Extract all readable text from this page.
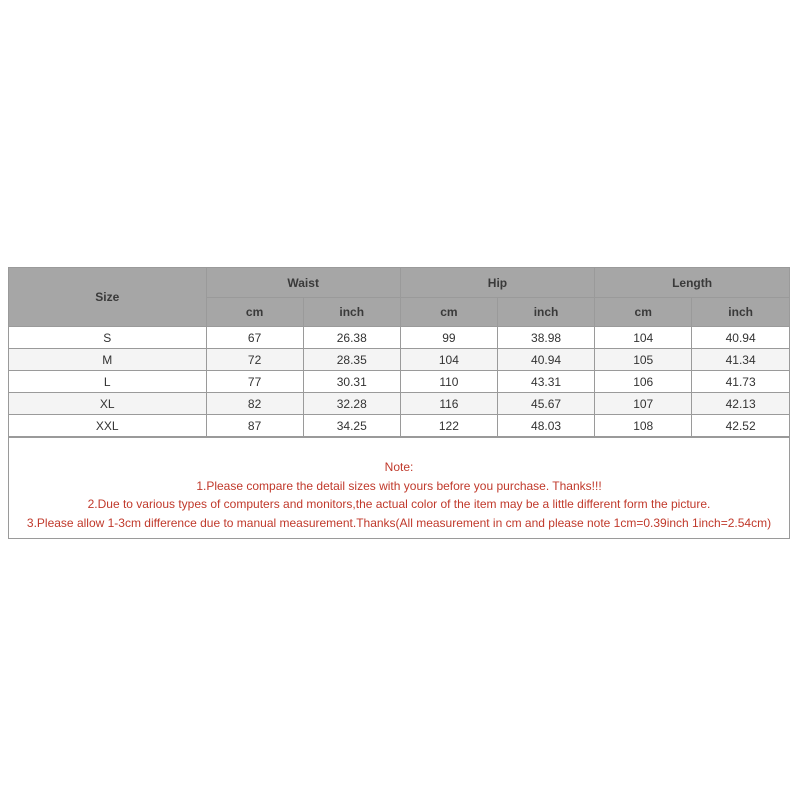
Size	Waist		Hip		Length	
	cm	inch	cm	inch	cm	inch
S	67	26.38	99	38.98	104	40.94
M	72	28.35	104	40.94	105	41.34
L	77	30.31	110	43.31	106	41.73
XL	82	32.28	116	45.67	107	42.13
XXL	87	34.25	122	48.03	108	42.52
Note:
1.Please compare the detail sizes with yours before you purchase. Thanks!!!
2.Due to various types of computers and monitors,the actual color of the item may be a little different form the picture.
3.Please allow 1-3cm difference due to manual measurement.Thanks(All measurement in cm and please note 1cm=0.39inch 1inch=2.54cm)
